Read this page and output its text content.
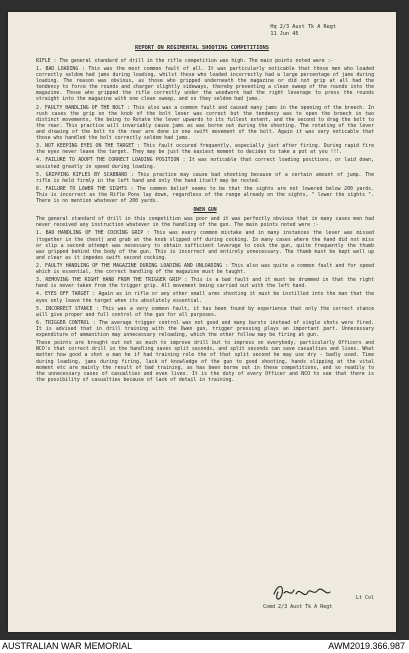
Hq 2/3 Aust Tk A Regt
11 Jun 45
REPORT ON REGIMENTAL SHOOTING COMPETITIONS

RIFLE : The general standard of drill in the rifle competition was high. The main points noted were :-

1. BAD LOADING : This was the most common fault of all. It was particularly noticable that those men who loaded correctly seldom had jams during loading, whilst those who loaded incorrectly had a large percentage of jams during loading. The reason was obvious, as those who gripped underneath the magazine or did not grip at all had the tendency to force the rounds and charger slightly sideways, thereby preventing a clean sweep of the rounds into the magazine. Those who gripped the rifle correctly under the woodwork had the right leverage to press the rounds straight into the magazine with one clean sweep, and so they seldom had jams.

2. FAULTY HANDLING OF THE BOLT : This also was a common fault and caused many jams in the opening of the breech. In rush cases the grip on the knob of the bolt lever was correct but the tendency was to open the breech in two distinct movements, the being to Rotate the lever upwards to its fullest extent, and the second to drag the bolt to the rear. This practice will invariably cause jams as was borne out during the shooting. The rotating of the lever and drawing of the bolt to the rear are done in one swift movement of the bolt. Again it was very noticable that those who handled the bolt correctly seldom had jams.

3. NOT KEEPING EYES ON THE TARGET : This fault occured frequently, especially just after firing. During rapid fire the eyes never leave the target. They may be just the easiest moment to decides to take a pot at you !!!.

4. FAILURE TO ADOPT THE CORRECT LOADING POSITION : It was noticable that correct loading positions, or laid down, assisted greatly in speed during loading.

5. GRIPPING RIFLES BY SCABBARD : This practice may cause bad shooting because of a certain amount of jump. The rifle is held firmly in the left hand and only the hand itself may be rested.

6. FAILURE TO LOWER THE SIGHTS : The common belief seems to be that the sights are not lowered below 200 yards. This is incorrect as the Rifle Pons lay down, regardless of the range already on the sights, " lower the sights ". There is no mention whatever of 200 yards.

OWEN GUN

The general standard of drill in this competition was poor and it was perfectly obvious that in many cases men had never received any instruction whatever in the handling of the gun. The main points noted were :-

1. BAD HANDLING OF THE COCKING GRIP : This was every common mistake and in many instances the lever was missed (together in the chest) and grab at the knob slipped off during cocking. In many cases where the hand did not miss or slip a second attempt was necessary to obtain sufficient leverage to cock the gun, quite frequently the thumb was gripped behind the body of the gun. This is incorrect and entirely unnecessary. The thumb must be kept well up and clear as it impedes swift second cocking.

2. FAULTY HANDLING OF THE MAGAZINE DURING LOADING AND UNLOADING : This also was quite a common fault and for speed which is essential, the correct handling of the magazine must be taught.

3. REMOVING THE RIGHT HAND FROM THE TRIGGER GRIP : This is a bad fault and it must be drummed in that the right hand is never taken from the trigger grip. All movement being carried out with the left hand.

4. EYES OFF TARGET : Again as in rifle or any other small arms shooting it must be instilled into the man that the eyes only leave the target when its absolutely essential.

5. INCORRECT STANCE : This was a very common fault, it has been found by experience that only the correct stance will give proper and full control of the gun for all purposes.

6. TRIGGER CONTROL : The average trigger control was not good and many bursts instead of single shots were fired. It is advised that in drill training with the Owen gun, trigger pressing plays an important part. Unnecessary expenditure of ammunition may unnecessary reloading, which the other follow may be firing at gun.

These points are brought out not as much to improve drill but to impress on everybody, particularly Officers and NCO's that correct drill in the handling saves split seconds, and split seconds can save casualties and lives. What matter how good a shot a man he if had training role the of that split second he may use dry - badly used. Time during loading, jams during firing, lack of knowledge of the gun to good shooting, hands slipping at the vital moment etc are mainly the result of bad training, as has been borne out in these competitions, and so readily to the unnecessary cases of casualties and even lives. It is the duty of every Officer and NCO to see that there is the possibility of casualties because of lack of detail in training.

Lt Col
Comd 2/3 Aust Tk A Regt
AUSTRALIAN WAR MEMORIAL	AWM2019.366.987
